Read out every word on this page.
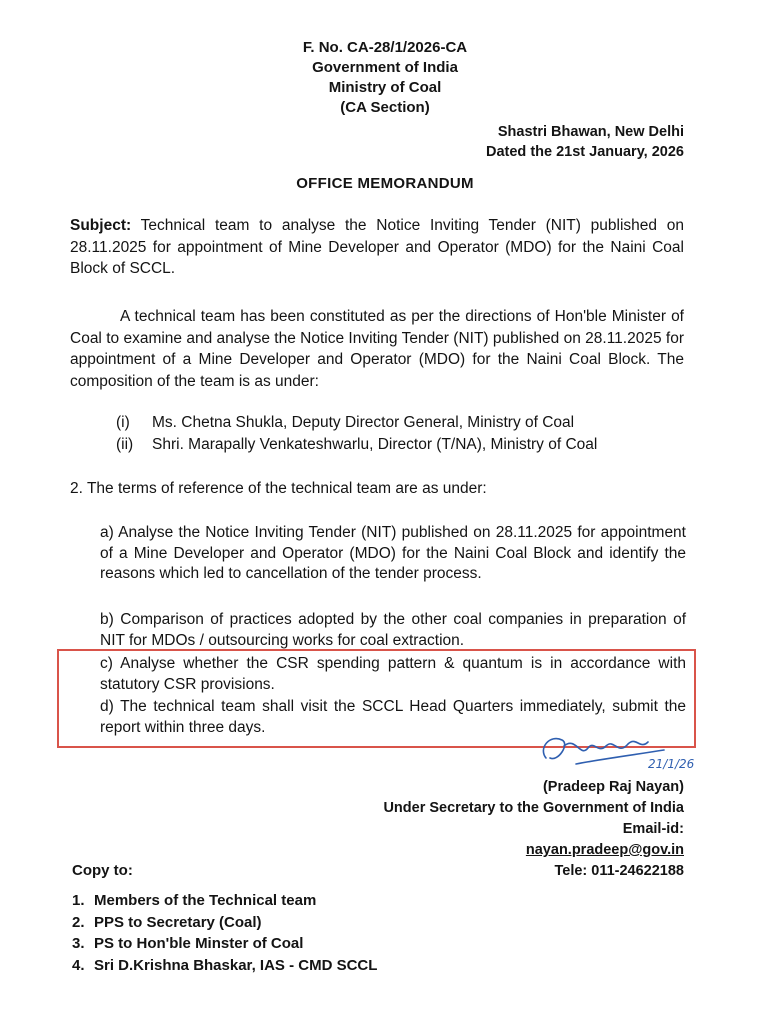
F. No. CA-28/1/2026-CA
Government of India
Ministry of Coal
(CA Section)
Shastri Bhawan, New Delhi
Dated the 21st January, 2026
OFFICE MEMORANDUM
Subject: Technical team to analyse the Notice Inviting Tender (NIT) published on 28.11.2025 for appointment of Mine Developer and Operator (MDO) for the Naini Coal Block of SCCL.
A technical team has been constituted as per the directions of Hon'ble Minister of Coal to examine and analyse the Notice Inviting Tender (NIT) published on 28.11.2025 for appointment of a Mine Developer and Operator (MDO) for the Naini Coal Block. The composition of the team is as under:
(i)	Ms. Chetna Shukla, Deputy Director General, Ministry of Coal
(ii)	Shri. Marapally Venkateshwarlu, Director (T/NA), Ministry of Coal
2. The terms of reference of the technical team are as under:
a) Analyse the Notice Inviting Tender (NIT) published on 28.11.2025 for appointment of a Mine Developer and Operator (MDO) for the Naini Coal Block and identify the reasons which led to cancellation of the tender process.
b) Comparison of practices adopted by the other coal companies in preparation of NIT for MDOs / outsourcing works for coal extraction.
c) Analyse whether the CSR spending pattern & quantum is in accordance with statutory CSR provisions.
d) The technical team shall visit the SCCL Head Quarters immediately, submit the report within three days.
21/1/26
(Pradeep Raj Nayan)
Under Secretary to the Government of India
Email-id:
nayan.pradeep@gov.in
Tele: 011-24622188
Copy to:
1. Members of the Technical team
2. PPS to Secretary (Coal)
3. PS to Hon'ble Minster of Coal
4. Sri D.Krishna Bhaskar, IAS - CMD SCCL
